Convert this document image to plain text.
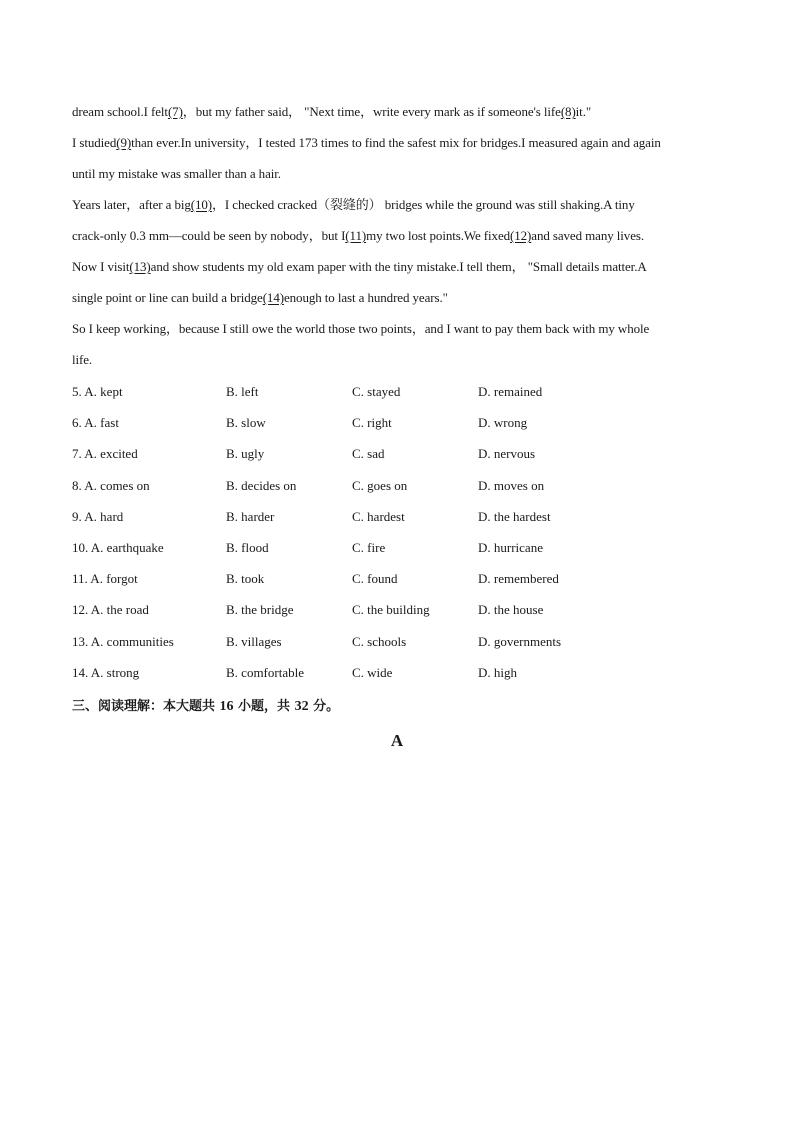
dream school.I felt(7)，but my father said， "Next time，write every mark as if someone's life(8)it."
I studied(9)than ever.In university，I tested 173 times to find the safest mix for bridges.I measured again and again
until my mistake was smaller than a hair.
Years later，after a big(10)，I checked cracked（裂缝的） bridges while the ground was still shaking.A tiny
crack-only 0.3 mm—could be seen by nobody，but I(11)my two lost points.We fixed(12)and saved many lives.
Now I visit(13)and show students my old exam paper with the tiny mistake.I tell them， "Small details matter.A
single point or line can build a bridge(14)enough to last a hundred years."
So I keep working，because I still owe the world those two points，and I want to pay them back with my whole
life.
5. A. kept	B. left	C. stayed	D. remained
6. A. fast	B. slow	C. right	D. wrong
7. A. excited	B. ugly	C. sad	D. nervous
8. A. comes on	B. decides on	C. goes on	D. moves on
9. A. hard	B. harder	C. hardest	D. the hardest
10. A. earthquake	B. flood	C. fire	D. hurricane
11. A. forgot	B. took	C. found	D. remembered
12. A. the road	B. the bridge	C. the building	D. the house
13. A. communities	B. villages	C. schools	D. governments
14. A. strong	B. comfortable	C. wide	D. high
三、阅读理解：本大题共 16 小题，共 32 分。
A
